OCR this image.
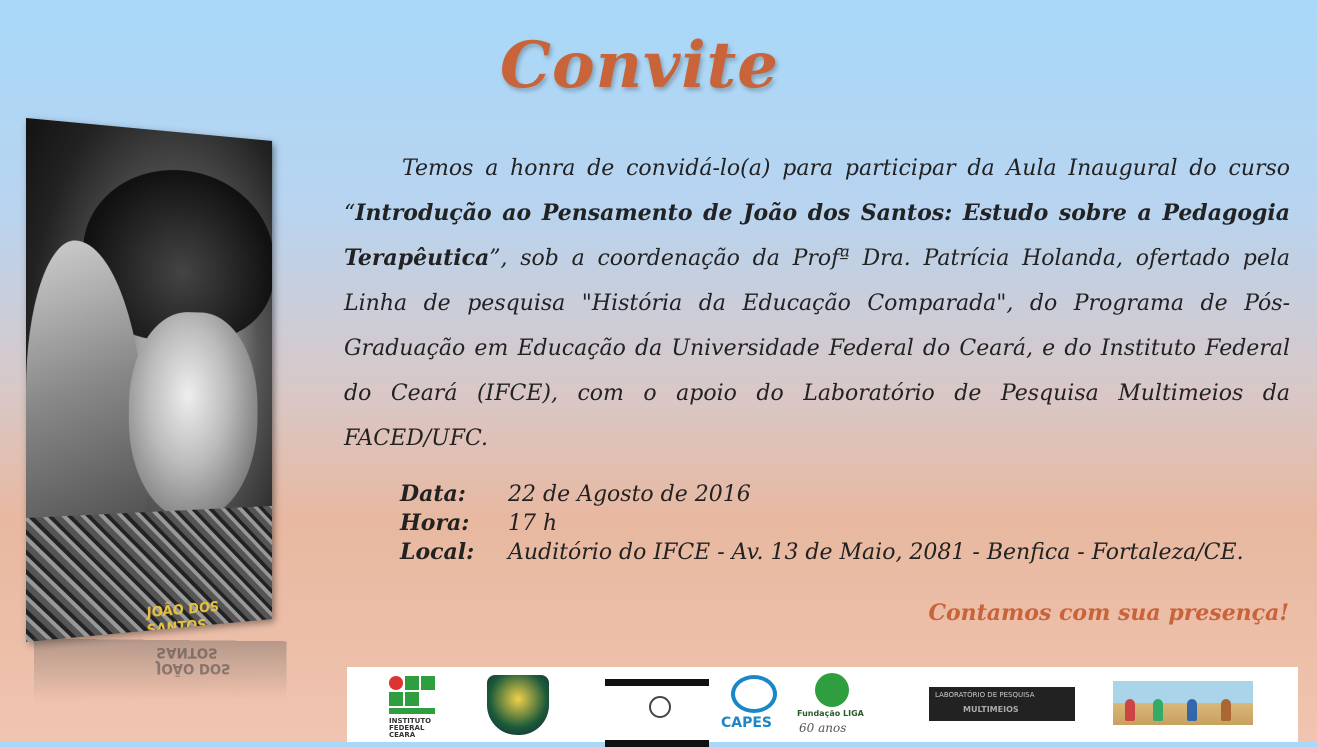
Convite
JOÃO DOS SANTOS
JOÃO DOS SANTOS
Temos a honra de convidá-lo(a) para participar da Aula Inaugural do curso “Introdução ao Pensamento de João dos Santos: Estudo sobre a Pedagogia Terapêutica”, sob a coordenação da Profª Dra. Patrícia Holanda, ofertado pela Linha de pesquisa "História da Educação Comparada", do Programa de Pós-Graduação em Educação da Universidade Federal do Ceará, e do Instituto Federal do Ceará (IFCE), com o apoio do Laboratório de Pesquisa Multimeios da FACED/UFC.
Data:	22 de Agosto de 2016
Hora:	17 h
Local:	Auditório do IFCE - Av. 13 de Maio, 2081 - Benfica - Fortaleza/CE.
Contamos com sua presença!
INSTITUTO FEDERAL CEARÁ
CAPES
Fundação LIGA
60 anos
LABORATÓRIO DE PESQUISA
MULTIMEIOS
